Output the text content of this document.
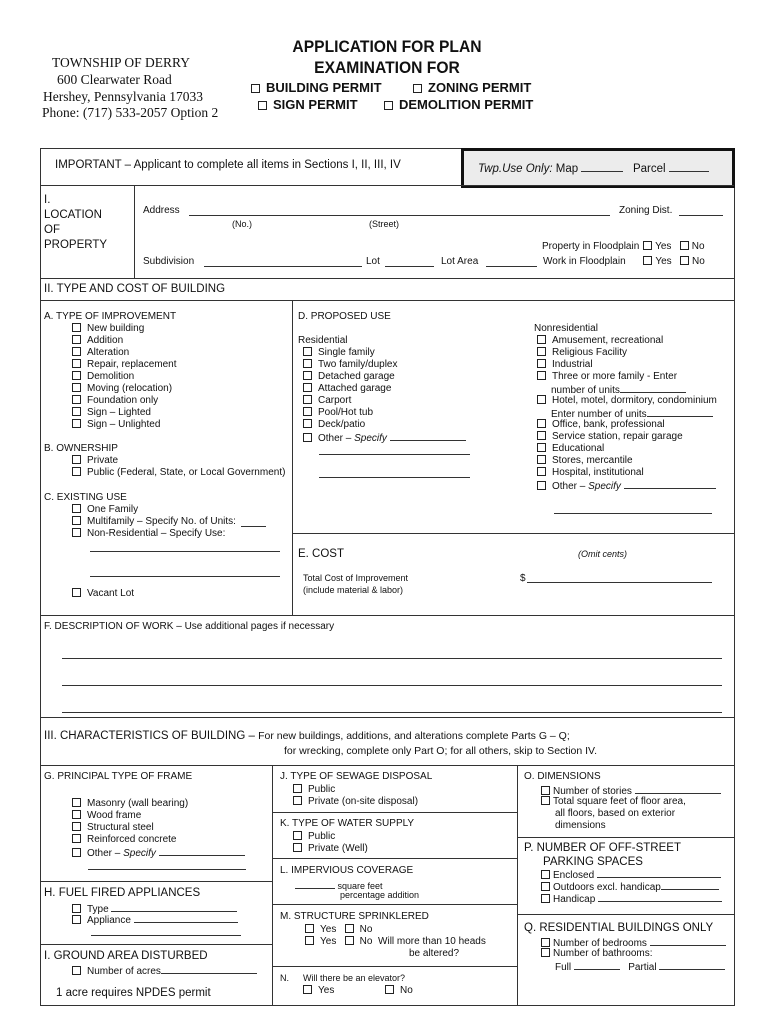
TOWNSHIP OF DERRY
600 Clearwater Road
Hershey, Pennsylvania 17033
Phone: (717) 533-2057 Option 2
APPLICATION FOR PLAN
EXAMINATION FOR
BUILDING PERMIT	ZONING PERMIT
SIGN PERMIT	DEMOLITION PERMIT
IMPORTANT – Applicant to complete all items in Sections I, II, III, IV	Twp.Use Only: Map	Parcel
I.
LOCATION
OF
PROPERTY
Address
(No.)	(Street)
Zoning Dist.
Property in Floodplain Yes No
Subdivision	Lot	Lot Area	Work in Floodplain	Yes No
II. TYPE AND COST OF BUILDING
A. TYPE OF IMPROVEMENT
New building
Addition
Alteration
Repair, replacement
Demolition
Moving (relocation)
Foundation only
Sign – Lighted
Sign – Unlighted
B. OWNERSHIP
Private
Public (Federal, State, or Local Government)
C. EXISTING USE
One Family
Multifamily – Specify No. of Units:
Non-Residential – Specify Use:
Vacant Lot
D. PROPOSED USE
Residential
Single family
Two family/duplex
Detached garage
Attached garage
Carport
Pool/Hot tub
Deck/patio
Other – Specify
Nonresidential
Amusement, recreational
Religious Facility
Industrial
Three or more family - Enter
number of units
Hotel, motel, dormitory, condominium
Enter number of units
Office, bank, professional
Service station, repair garage
Educational
Stores, mercantile
Hospital, institutional
Other – Specify
E. COST	(Omit cents)
Total Cost of Improvement
(include material & labor)
$
F. DESCRIPTION OF WORK – Use additional pages if necessary
III. CHARACTERISTICS OF BUILDING – For new buildings, additions, and alterations complete Parts G – Q;
for wrecking, complete only Part O; for all others, skip to Section IV.
G. PRINCIPAL TYPE OF FRAME
Masonry (wall bearing)
Wood frame
Structural steel
Reinforced concrete
Other – Specify
H. FUEL FIRED APPLIANCES
Type
Appliance
I. GROUND AREA DISTURBED
Number of acres
1 acre requires NPDES permit
J. TYPE OF SEWAGE DISPOSAL
Public
Private (on-site disposal)
K. TYPE OF WATER SUPPLY
Public
Private (Well)
L. IMPERVIOUS COVERAGE
square feet
percentage addition
M. STRUCTURE SPRINKLERED
Yes No
Yes No Will more than 10 heads
be altered?
N. Will there be an elevator?
Yes	No
O. DIMENSIONS
Number of stories
Total square feet of floor area,
all floors, based on exterior
dimensions
P. NUMBER OF OFF-STREET
PARKING SPACES
Enclosed
Outdoors excl. handicap
Handicap
Q. RESIDENTIAL BUILDINGS ONLY
Number of bedrooms
Number of bathrooms:
Full	Partial
